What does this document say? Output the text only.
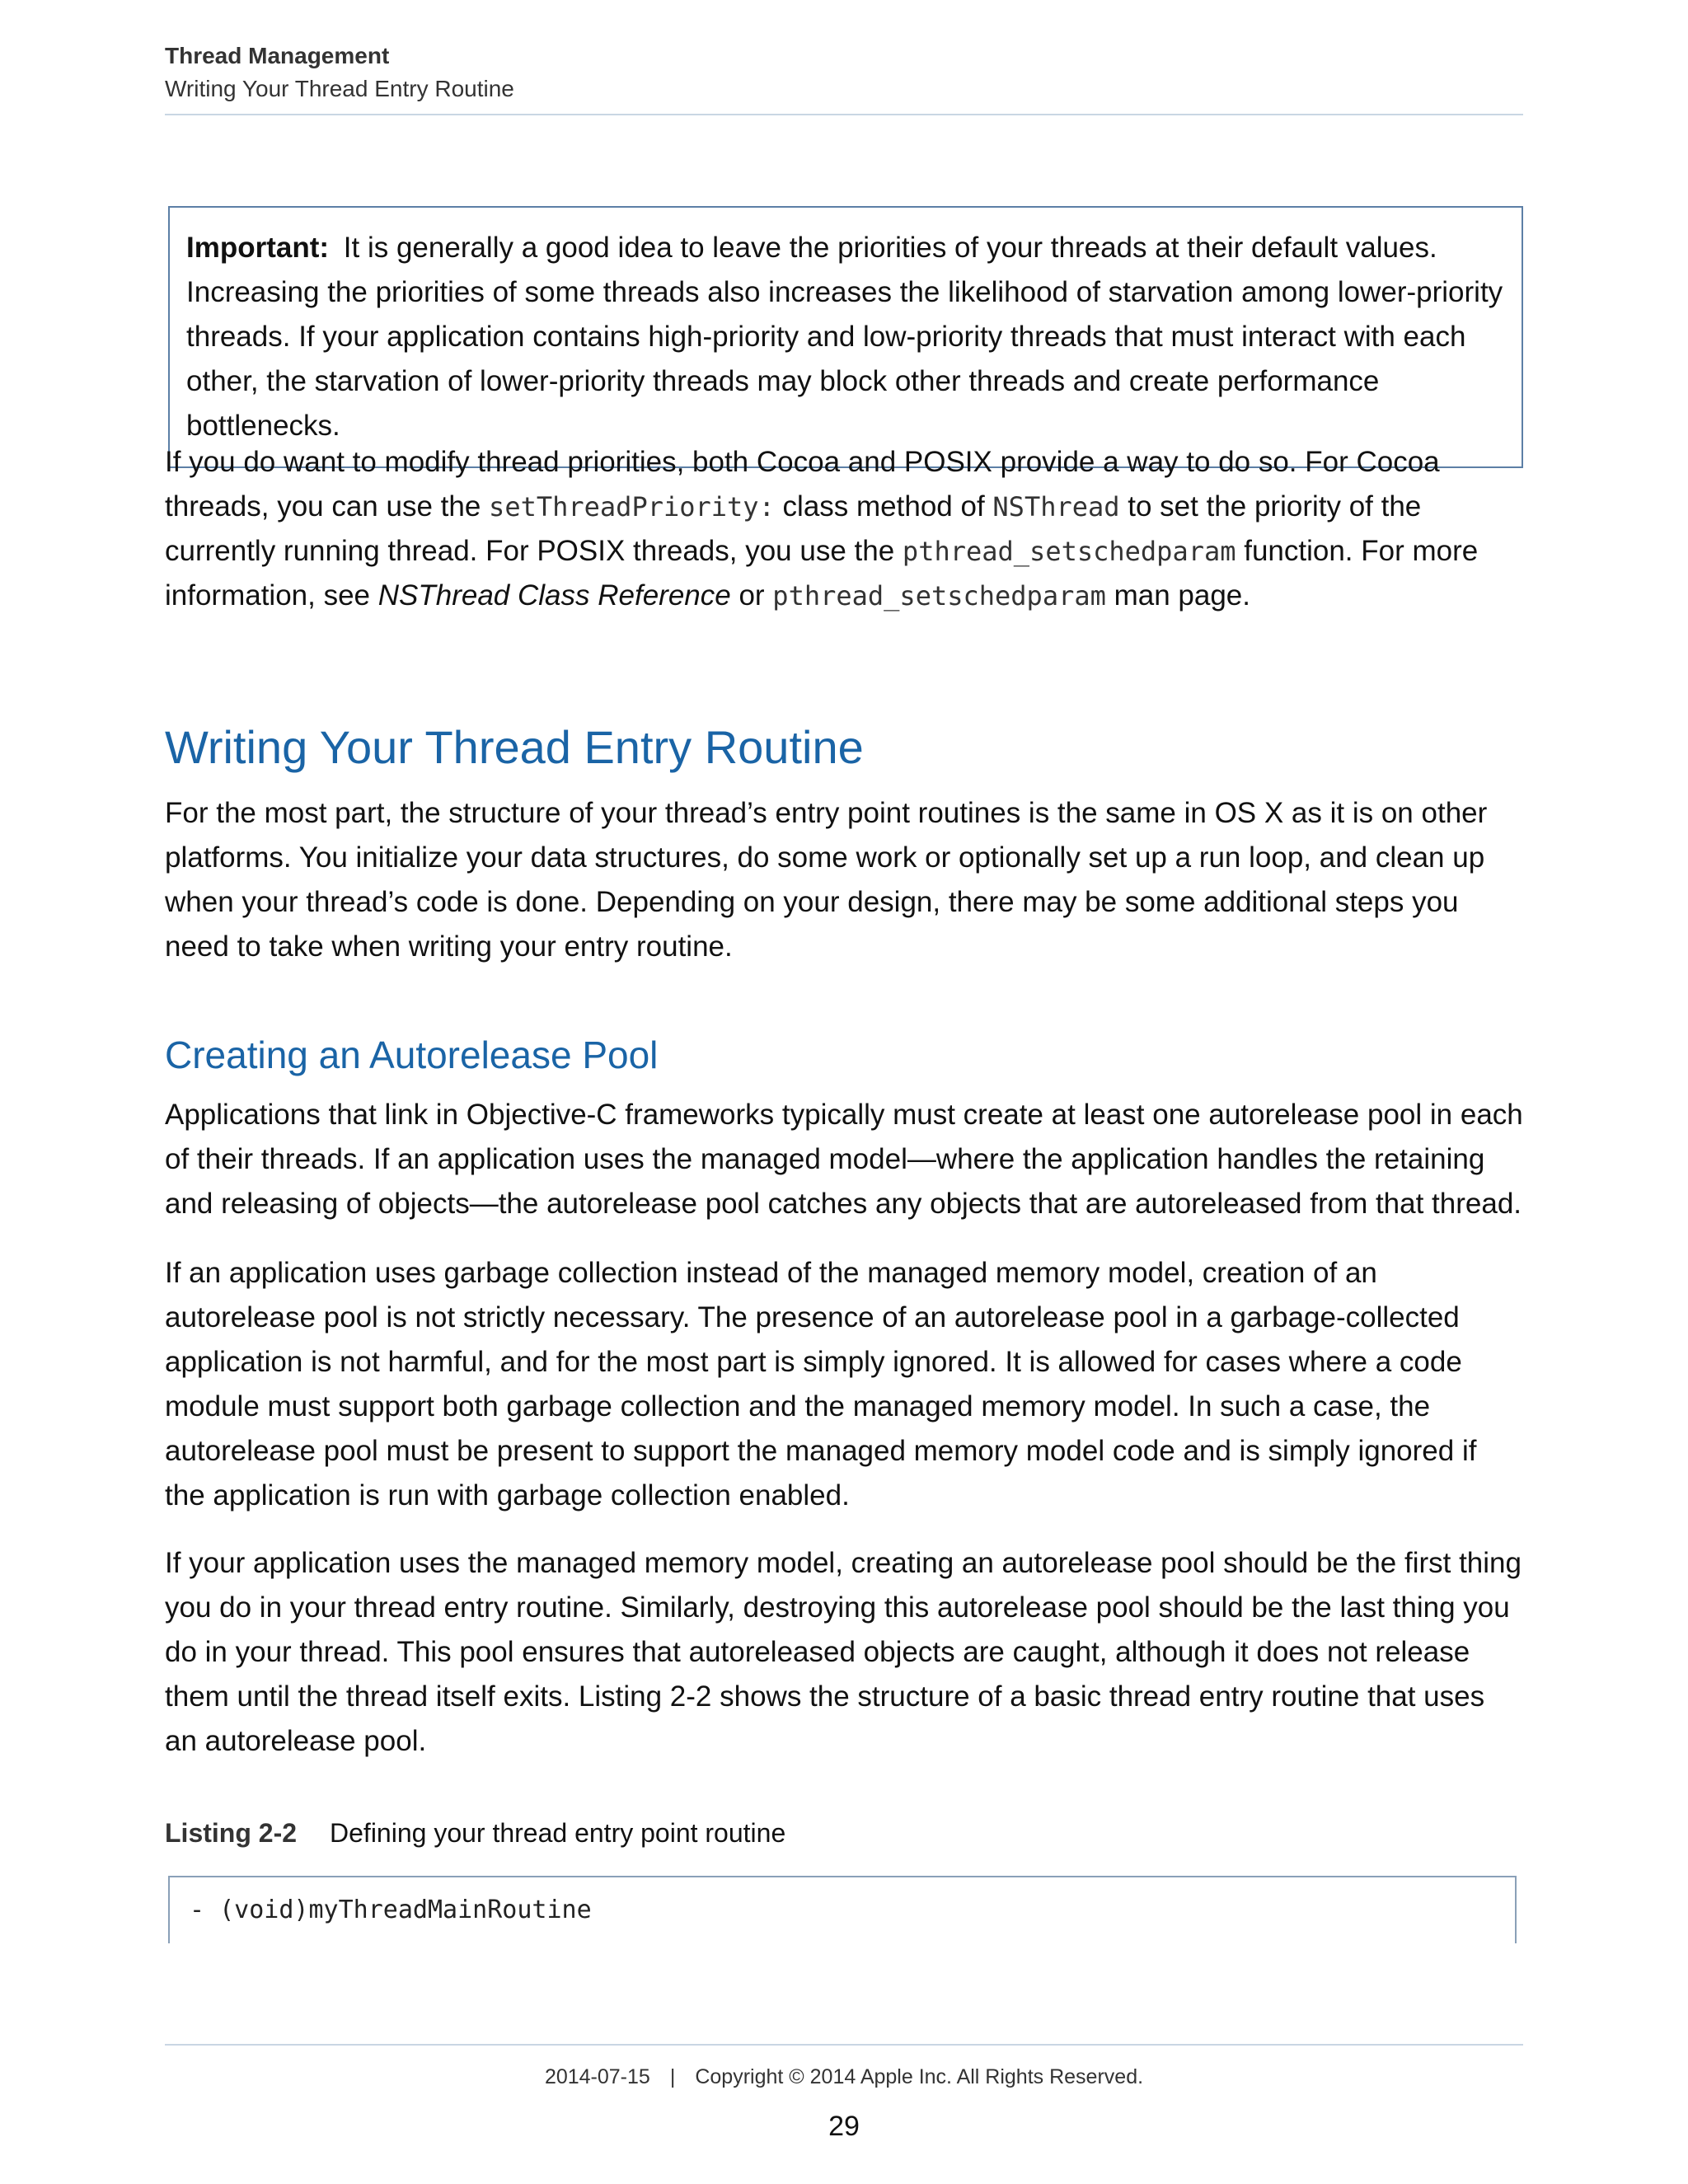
Thread Management
Writing Your Thread Entry Routine
Important: It is generally a good idea to leave the priorities of your threads at their default values. Increasing the priorities of some threads also increases the likelihood of starvation among lower-priority threads. If your application contains high-priority and low-priority threads that must interact with each other, the starvation of lower-priority threads may block other threads and create performance bottlenecks.

If you do want to modify thread priorities, both Cocoa and POSIX provide a way to do so. For Cocoa threads, you can use the setThreadPriority: class method of NSThread to set the priority of the currently running thread. For POSIX threads, you use the pthread_setschedparam function. For more information, see NSThread Class Reference or pthread_setschedparam man page.

Writing Your Thread Entry Routine

For the most part, the structure of your thread’s entry point routines is the same in OS X as it is on other platforms. You initialize your data structures, do some work or optionally set up a run loop, and clean up when your thread’s code is done. Depending on your design, there may be some additional steps you need to take when writing your entry routine.

Creating an Autorelease Pool

Applications that link in Objective-C frameworks typically must create at least one autorelease pool in each of their threads. If an application uses the managed model—where the application handles the retaining and releasing of objects—the autorelease pool catches any objects that are autoreleased from that thread.

If an application uses garbage collection instead of the managed memory model, creation of an autorelease pool is not strictly necessary. The presence of an autorelease pool in a garbage-collected application is not harmful, and for the most part is simply ignored. It is allowed for cases where a code module must support both garbage collection and the managed memory model. In such a case, the autorelease pool must be present to support the managed memory model code and is simply ignored if the application is run with garbage collection enabled.

If your application uses the managed memory model, creating an autorelease pool should be the first thing you do in your thread entry routine. Similarly, destroying this autorelease pool should be the last thing you do in your thread. This pool ensures that autoreleased objects are caught, although it does not release them until the thread itself exits. Listing 2-2 shows the structure of a basic thread entry routine that uses an autorelease pool.

Listing 2-2 Defining your thread entry point routine
- (void)myThreadMainRoutine
2014-07-15 | Copyright © 2014 Apple Inc. All Rights Reserved.
29
